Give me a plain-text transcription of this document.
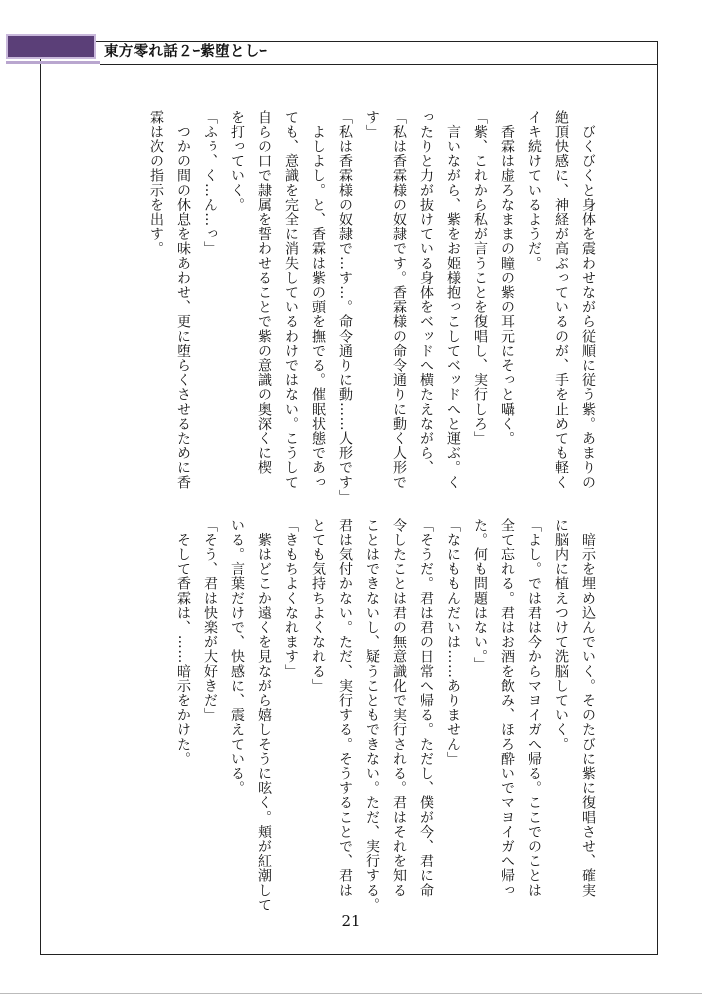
東方零れ話２ｰ紫堕としｰ
　びくびくと身体を震わせながら従順に従う紫。あまりの
絶頂快感に、神経が高ぶっているのが、手を止めても軽く
イキ続けているようだ。
　香霖は虚ろなままの瞳の紫の耳元にそっと囁く。
「紫、これから私が言うことを復唱し、実行しろ」
　言いながら、紫をお姫様抱っこしてベッドへと運ぶ。く
ったりと力が抜けている身体をベッドへ横たえながら、
「私は香霖様の奴隷です。香霖様の命令通りに動く人形で
す」
「私は香霖様の奴隷で…す…。命令通りに動……人形です」
　よしよし。と、香霖は紫の頭を撫でる。催眠状態であっ
ても、意識を完全に消失しているわけではない。こうして
自らの口で隷属を誓わせることで紫の意識の奥深くに楔
を打っていく。
「ふぅ、く…ん…っ」
　つかの間の休息を味あわせ、更に堕らくさせるために香
霖は次の指示を出す。
　暗示を埋め込んでいく。そのたびに紫に復唱させ、確実
に脳内に植えつけて洗脳していく。
「よし。では君は今からマヨイガへ帰る。ここでのことは
全て忘れる。君はお酒を飲み、ほろ酔いでマヨイガへ帰っ
た。何も問題はない。」
「なにももんだいは……ありません」
「そうだ。君は君の日常へ帰る。ただし、僕が今、君に命
令したことは君の無意識化で実行される。君はそれを知る
ことはできないし、疑うこともできない。ただ、実行する。
君は気付かない。ただ、実行する。そうすることで、君は
とても気持ちよくなれる」
「きもちよくなれます」
　紫はどこか遠くを見ながら嬉しそうに呟く。頬が紅潮して
いる。言葉だけで、快感に、震えている。
「そう、君は快楽が大好きだ」
　そして香霖は、……暗示をかけた。
21
